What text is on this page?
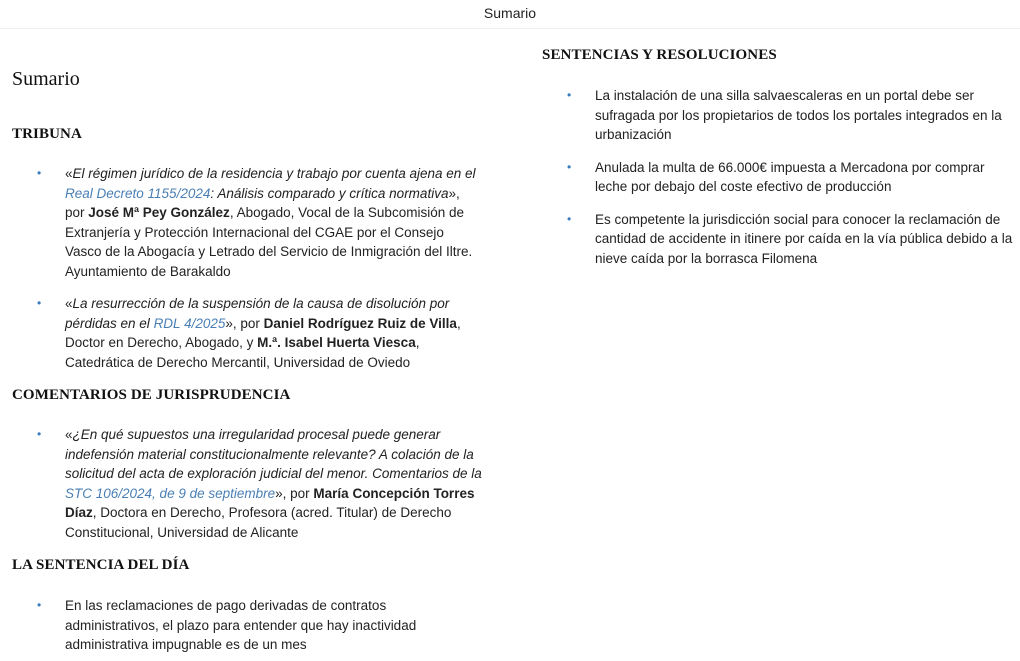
Sumario
Sumario
TRIBUNA
• «El régimen jurídico de la residencia y trabajo por cuenta ajena en el Real Decreto 1155/2024: Análisis comparado y crítica normativa», por José Mª Pey González, Abogado, Vocal de la Subcomisión de Extranjería y Protección Internacional del CGAE por el Consejo Vasco de la Abogacía y Letrado del Servicio de Inmigración del Iltre. Ayuntamiento de Barakaldo
• «La resurrección de la suspensión de la causa de disolución por pérdidas en el RDL 4/2025», por Daniel Rodríguez Ruiz de Villa, Doctor en Derecho, Abogado, y M.ª. Isabel Huerta Viesca, Catedrática de Derecho Mercantil, Universidad de Oviedo
COMENTARIOS DE JURISPRUDENCIA
• «¿En qué supuestos una irregularidad procesal puede generar indefensión material constitucionalmente relevante? A colación de la solicitud del acta de exploración judicial del menor. Comentarios de la STC 106/2024, de 9 de septiembre», por María Concepción Torres Díaz, Doctora en Derecho, Profesora (acred. Titular) de Derecho Constitucional, Universidad de Alicante
LA SENTENCIA DEL DÍA
• En las reclamaciones de pago derivadas de contratos administrativos, el plazo para entender que hay inactividad administrativa impugnable es de un mes
SENTENCIAS Y RESOLUCIONES
• La instalación de una silla salvaescaleras en un portal debe ser sufragada por los propietarios de todos los portales integrados en la urbanización
• Anulada la multa de 66.000€ impuesta a Mercadona por comprar leche por debajo del coste efectivo de producción
• Es competente la jurisdicción social para conocer la reclamación de cantidad de accidente in itinere por caída en la vía pública debido a la nieve caída por la borrasca Filomena
